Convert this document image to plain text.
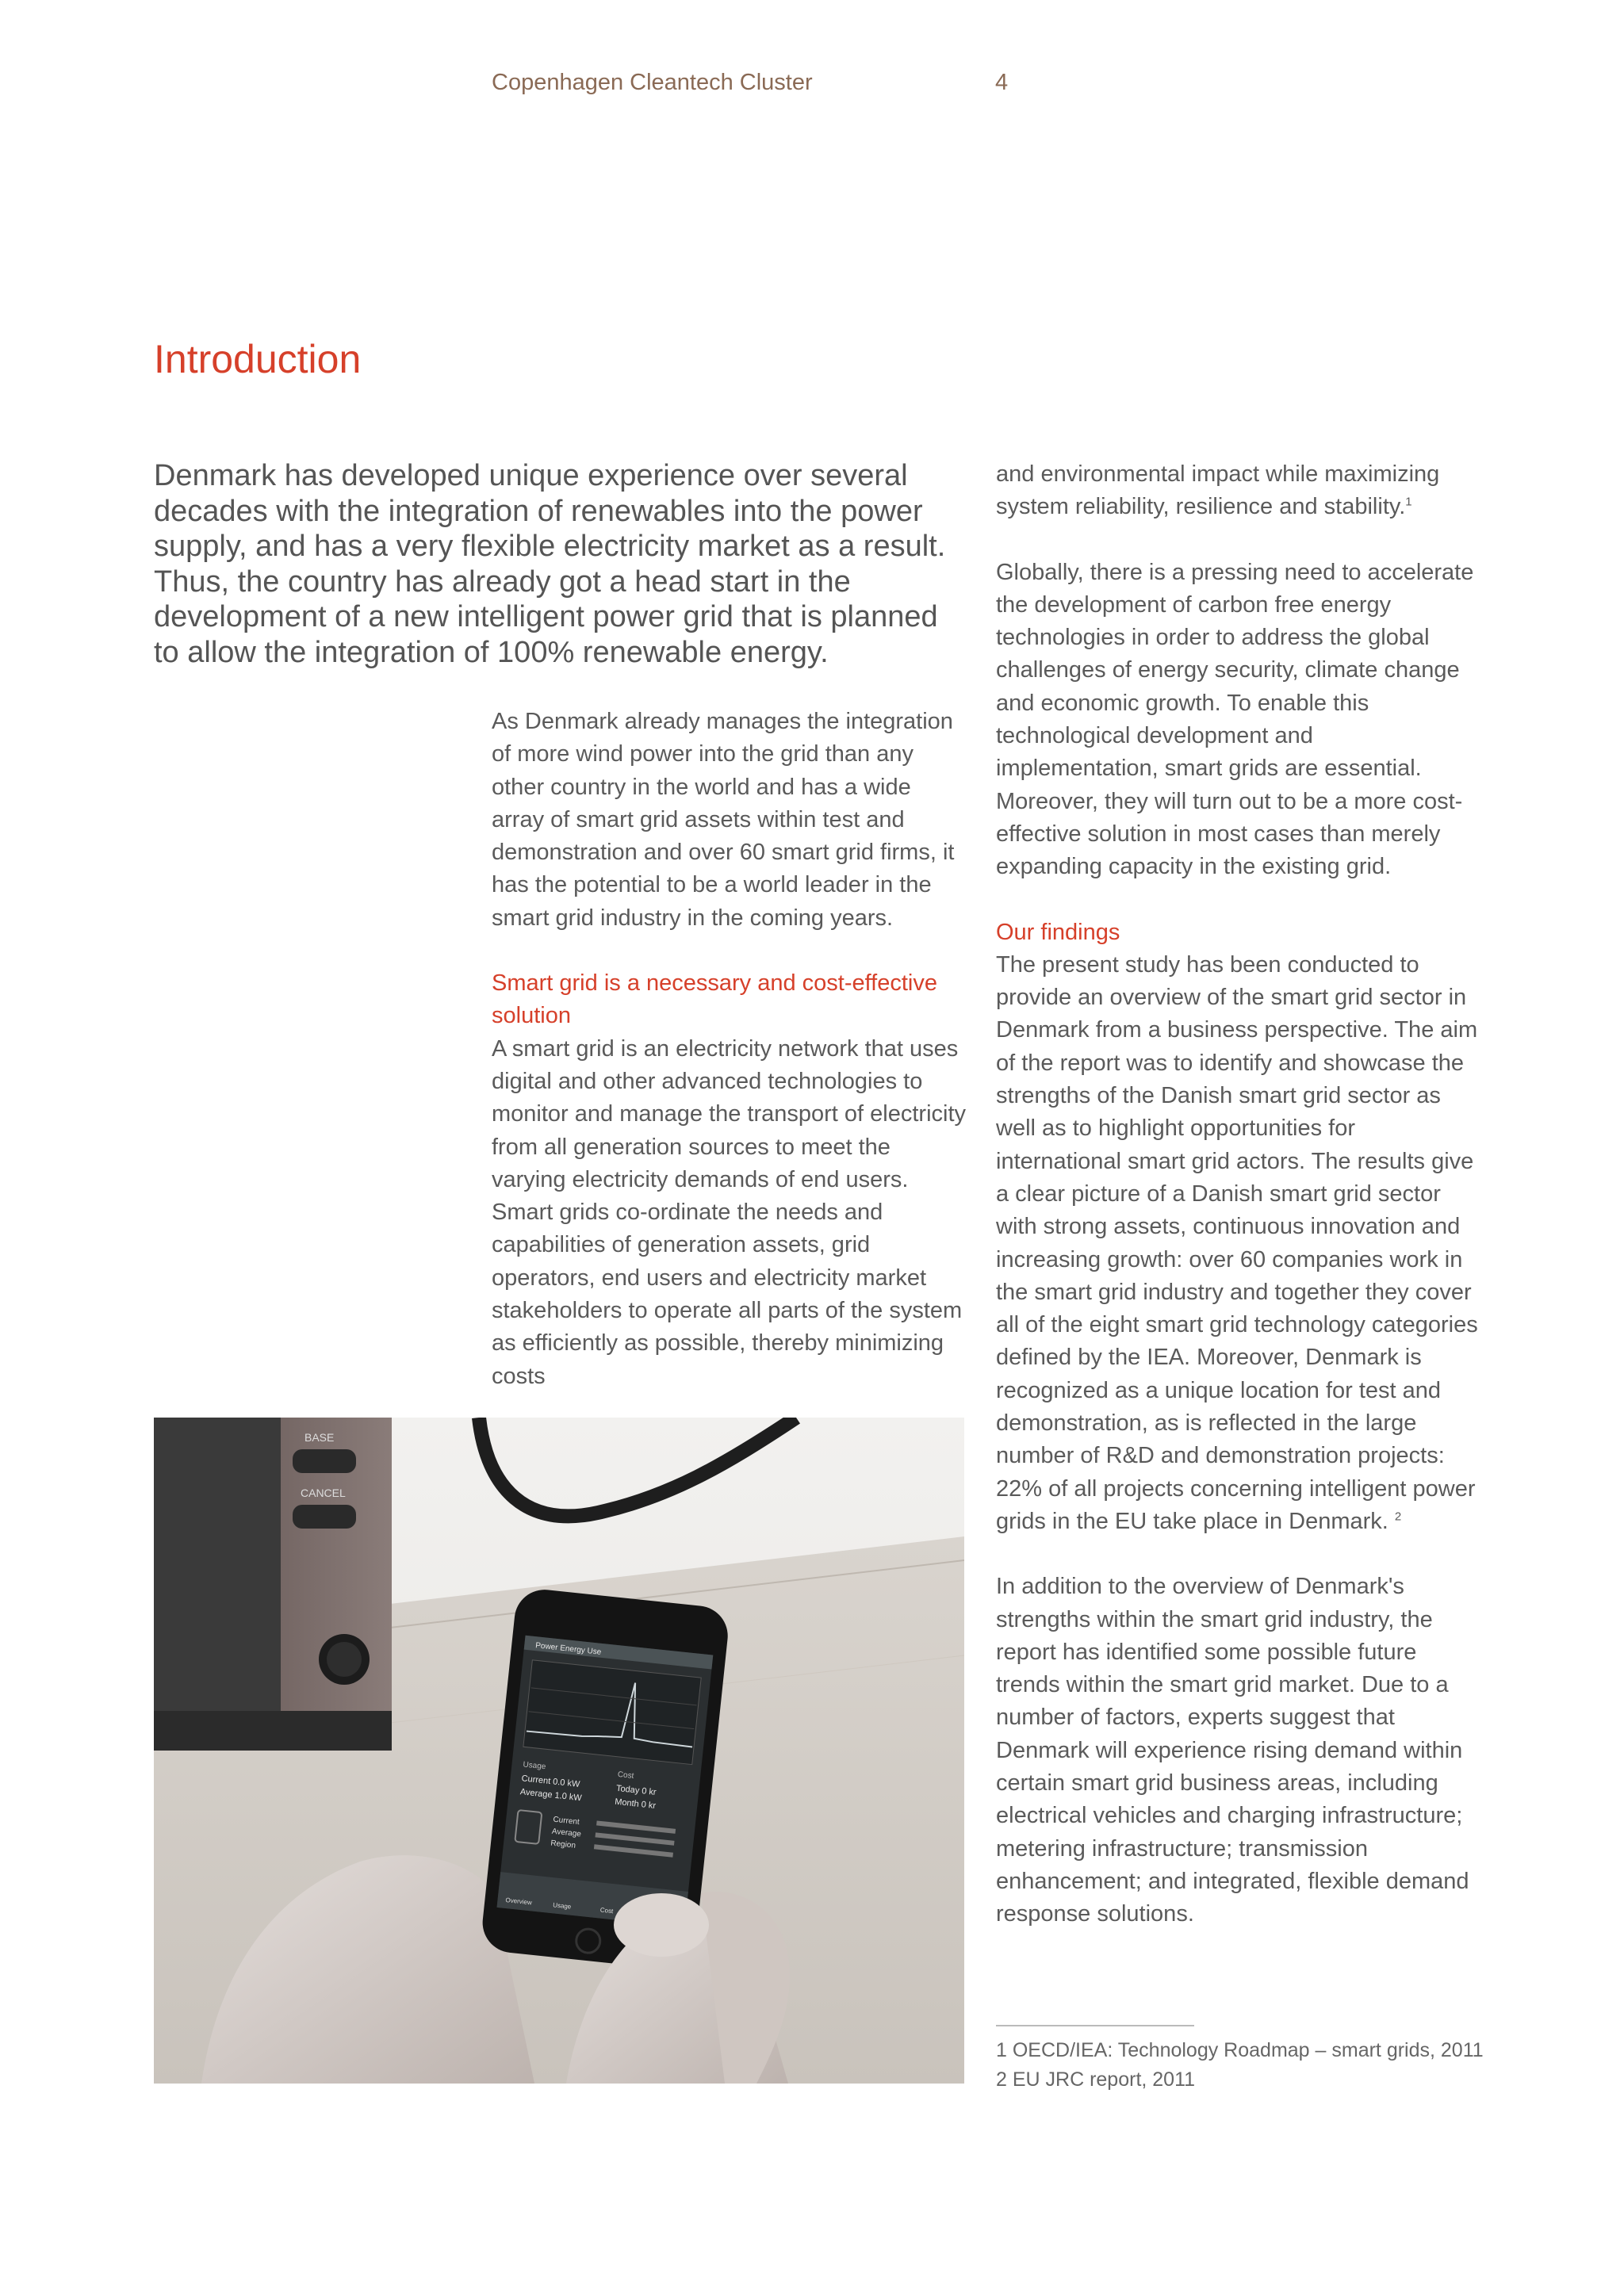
Copenhagen Cleantech Cluster	4
Introduction

Denmark has developed unique experience over several decades with the integration of renewables into the power supply, and has a very flexible electricity market as a result. Thus, the country has already got a head start in the development of a new intelligent power grid that is planned to allow the integration of 100% renewable energy.

As Denmark already manages the integration of more wind power into the grid than any other country in the world and has a wide array of smart grid assets within test and demonstration and over 60 smart grid firms, it has the potential to be a world leader in the smart grid industry in the coming years.

Smart grid is a necessary and cost-effective solution

A smart grid is an electricity network that uses digital and other advanced technologies to monitor and manage the transport of electricity from all generation sources to meet the varying electricity demands of end users. Smart grids co-ordinate the needs and capabilities of generation assets, grid operators, end users and electricity market stakeholders to operate all parts of the system as efficiently as possible, thereby minimizing costs

and environmental impact while maximizing system reliability, resilience and stability.$^1$

Globally, there is a pressing need to accelerate the development of carbon free energy technologies in order to address the global challenges of energy security, climate change and economic growth. To enable this technological development and implementation, smart grids are essential. Moreover, they will turn out to be a more cost-effective solution in most cases than merely expanding capacity in the existing grid.

Our findings

The present study has been conducted to provide an overview of the smart grid sector in Denmark from a business perspective. The aim of the report was to identify and showcase the strengths of the Danish smart grid sector as well as to highlight opportunities for international smart grid actors. The results give a clear picture of a Danish smart grid sector with strong assets, continuous innovation and increasing growth: over 60 companies work in the smart grid industry and together they cover all of the eight smart grid technology categories defined by the IEA. Moreover, Denmark is recognized as a unique location for test and demonstration, as is reflected in the large number of R&D and demonstration projects: 22% of all projects concerning intelligent power grids in the EU take place in Denmark. $^2$

In addition to the overview of Denmark's strengths within the smart grid industry, the report has identified some possible future trends within the smart grid market. Due to a number of factors, experts suggest that Denmark will experience rising demand within certain smart grid business areas, including electrical vehicles and charging infrastructure; metering infrastructure; transmission enhancement; and integrated, flexible demand response solutions.

1 OECD/IEA: Technology Roadmap – smart grids, 2011
2 EU JRC report, 2011
BASE
CANCEL
Power Energy Use
Usage
Current 0.0 kW
Average 1.0 kW
Cost
Today 0 kr
Month 0 kr
Current
Average
Region
Overview	Usage
Cost
